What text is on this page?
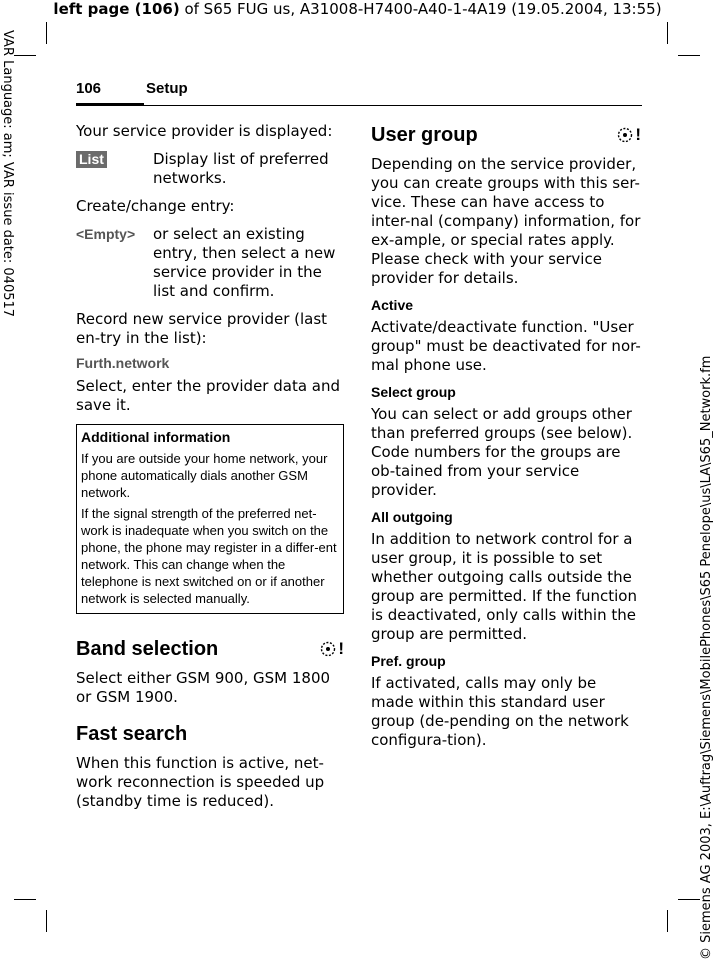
left page (106) of S65 FUG us, A31008-H7400-A40-1-4A19 (19.05.2004, 13:55)
VAR Language: am; VAR issue date: 040517
© Siemens AG 2003, E:\Auftrag\Siemens\MobilePhones\S65 Penelope\us\LA\S65_Network.fm
106	Setup

Your service provider is displayed:

List	Display list of preferred networks.

Create/change entry:

<Empty>	or select an existing entry, then select a new service provider in the list and confirm.

Record new service provider (last en-try in the list):

Furth.network

Select, enter the provider data and save it.

Additional information

If you are outside your home network, your phone automatically dials another GSM network.

If the signal strength of the preferred net-work is inadequate when you switch on the phone, the phone may register in a differ-ent network. This can change when the telephone is next switched on or if another network is selected manually.

Band selection	!

Select either GSM 900, GSM 1800 or GSM 1900.

Fast search

When this function is active, net-work reconnection is speeded up (standby time is reduced).

User group	!

Depending on the service provider, you can create groups with this ser-vice. These can have access to inter-nal (company) information, for ex-ample, or special rates apply. Please check with your service provider for details.

Active

Activate/deactivate function. "User group" must be deactivated for nor-mal phone use.

Select group

You can select or add groups other than preferred groups (see below). Code numbers for the groups are ob-tained from your service provider.

All outgoing

In addition to network control for a user group, it is possible to set whether outgoing calls outside the group are permitted. If the function is deactivated, only calls within the group are permitted.

Pref. group

If activated, calls may only be made within this standard user group (de-pending on the network configura-tion).
